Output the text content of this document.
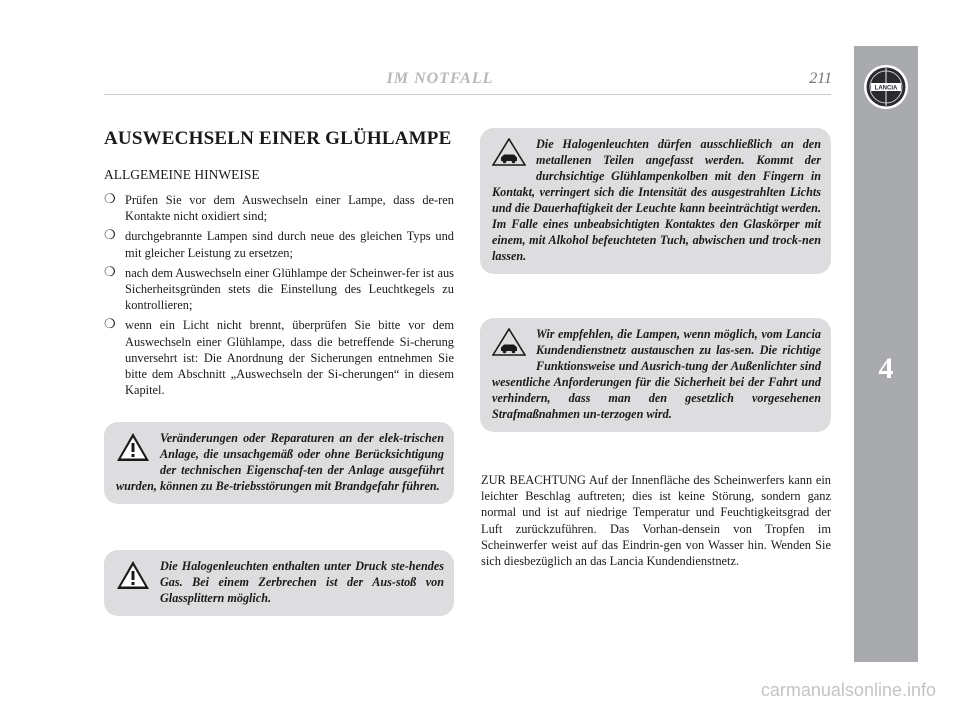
LANCIA
4
IM NOTFALL	211
AUSWECHSELN EINER GLÜHLAMPE
ALLGEMEINE HINWEISE
❍ Prüfen Sie vor dem Auswechseln einer Lampe, dass de-ren Kontakte nicht oxidiert sind;
❍ durchgebrannte Lampen sind durch neue des gleichen Typs und mit gleicher Leistung zu ersetzen;
❍ nach dem Auswechseln einer Glühlampe der Scheinwer-fer ist aus Sicherheitsgründen stets die Einstellung des Leuchtkegels zu kontrollieren;
❍ wenn ein Licht nicht brennt, überprüfen Sie bitte vor dem Auswechseln einer Glühlampe, dass die betreffende Si-cherung unversehrt ist: Die Anordnung der Sicherungen entnehmen Sie bitte dem Abschnitt „Auswechseln der Si-cherungen“ in diesem Kapitel.
Veränderungen oder Reparaturen an der elek-trischen Anlage, die unsachgemäß oder ohne Berücksichtigung der technischen Eigenschaf-ten der Anlage ausgeführt wurden, können zu Be-triebsstörungen mit Brandgefahr führen.
Die Halogenleuchten enthalten unter Druck ste-hendes Gas. Bei einem Zerbrechen ist der Aus-stoß von Glassplittern möglich.
Die Halogenleuchten dürfen ausschließlich an den metallenen Teilen angefasst werden. Kommt der durchsichtige Glühlampenkolben mit den Fingern in Kontakt, verringert sich die Intensität des ausgestrahlten Lichts und die Dauerhaftigkeit der Leuchte kann beeinträchtigt werden. Im Falle eines unbeabsichtigten Kontaktes den Glaskörper mit einem, mit Alkohol befeuchteten Tuch, abwischen und trock-nen lassen.
Wir empfehlen, die Lampen, wenn möglich, vom Lancia Kundendienstnetz austauschen zu las-sen. Die richtige Funktionsweise und Ausrich-tung der Außenlichter sind wesentliche Anforderungen für die Sicherheit bei der Fahrt und verhindern, dass man den gesetzlich vorgesehenen Strafmaßnahmen un-terzogen wird.

ZUR BEACHTUNG Auf der Innenfläche des Scheinwerfers kann ein leichter Beschlag auftreten; dies ist keine Störung, sondern ganz normal und ist auf niedrige Temperatur und Feuchtigkeitsgrad der Luft zurückzuführen. Das Vorhan-densein von Tropfen im Scheinwerfer weist auf das Eindrin-gen von Wasser hin. Wenden Sie sich diesbezüglich an das Lancia Kundendienstnetz.

carmanualsonline.info
